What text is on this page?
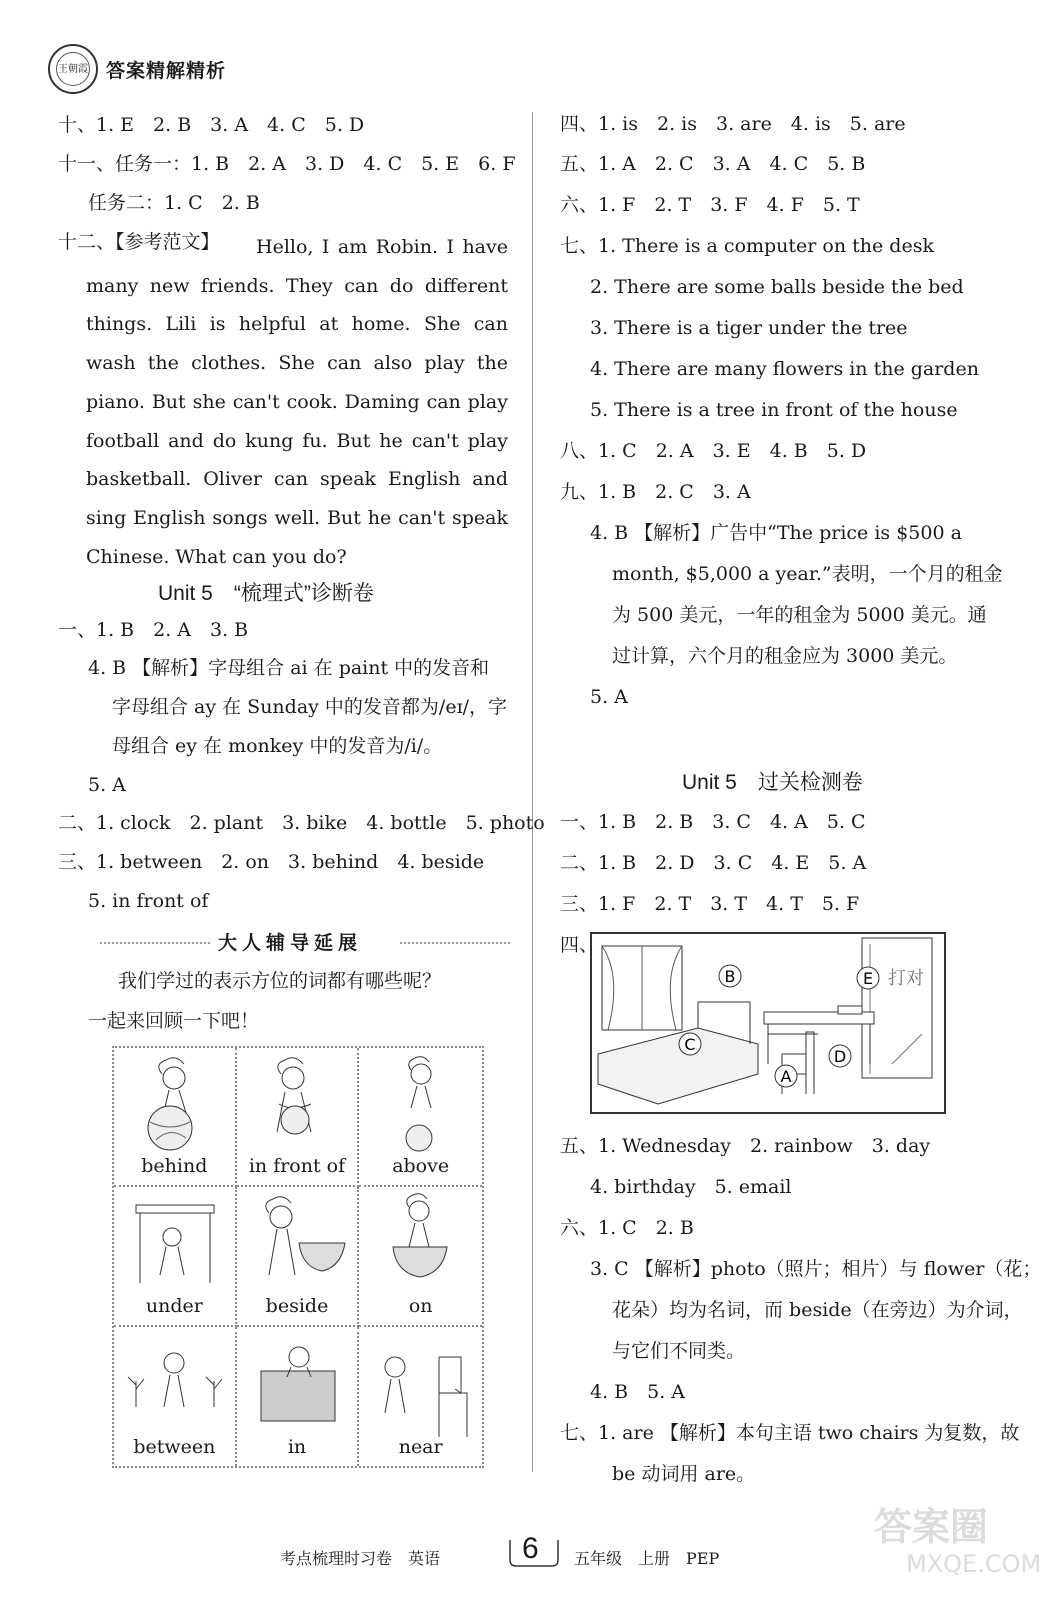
王朝霞 答案精解精析
十、1. E　2. B　3. A　4. C　5. D
十一、任务一：1. B　2. A　3. D　4. C　5. E　6. F
任务二：1. C　2. B
十二、【参考范文】	Hello, I am Robin. I have many new friends. They can do different things. Lili is helpful at home. She can wash the clothes. She can also play the piano. But she can't cook. Daming can play football and do kung fu. But he can't play basketball. Oliver can speak English and sing English songs well. But he can't speak Chinese. What can you do?
Unit 5　“梳理式”诊断卷
一、1. B　2. A　3. B
4. B 【解析】字母组合 ai 在 paint 中的发音和
字母组合 ay 在 Sunday 中的发音都为/eɪ/，字
母组合 ey 在 monkey 中的发音为/i/。
5. A
二、1. clock　2. plant　3. bike　4. bottle　5. photo
三、1. between　2. on　3. behind　4. beside
5. in front of
大人辅导延展
我们学过的表示方位的词都有哪些呢？
一起来回顾一下吧！
behind	in front of	above
under	beside	on
between	in	near
四、1. is　2. is　3. are　4. is　5. are
五、1. A　2. C　3. A　4. C　5. B
六、1. F　2. T　3. F　4. F　5. T
七、1. There is a computer on the desk
2. There are some balls beside the bed
3. There is a tiger under the tree
4. There are many flowers in the garden
5. There is a tree in front of the house
八、1. C　2. A　3. E　4. B　5. D
九、1. B　2. C　3. A
4. B 【解析】广告中“The price is $500 a
month, $5,000 a year.”表明，一个月的租金
为 500 美元，一年的租金为 5000 美元。通
过计算，六个月的租金应为 3000 美元。
5. A
Unit 5　过关检测卷
一、1. B　2. B　3. C　4. A　5. C
二、1. B　2. D　3. C　4. E　5. A
三、1. F　2. T　3. T　4. T　5. F
四、
打对
B	E
C
D
A
五、1. Wednesday　2. rainbow　3. day
4. birthday　5. email
六、1. C　2. B
3. C 【解析】photo（照片；相片）与 flower（花；
花朵）均为名词，而 beside（在旁边）为介词，
与它们不同类。
4. B　5. A
七、1. are 【解析】本句主语 two chairs 为复数，故
be 动词用 are。
考点梳理时习卷　英语	6 五年级　上册　PEP
答案圈
MXQE.COM
